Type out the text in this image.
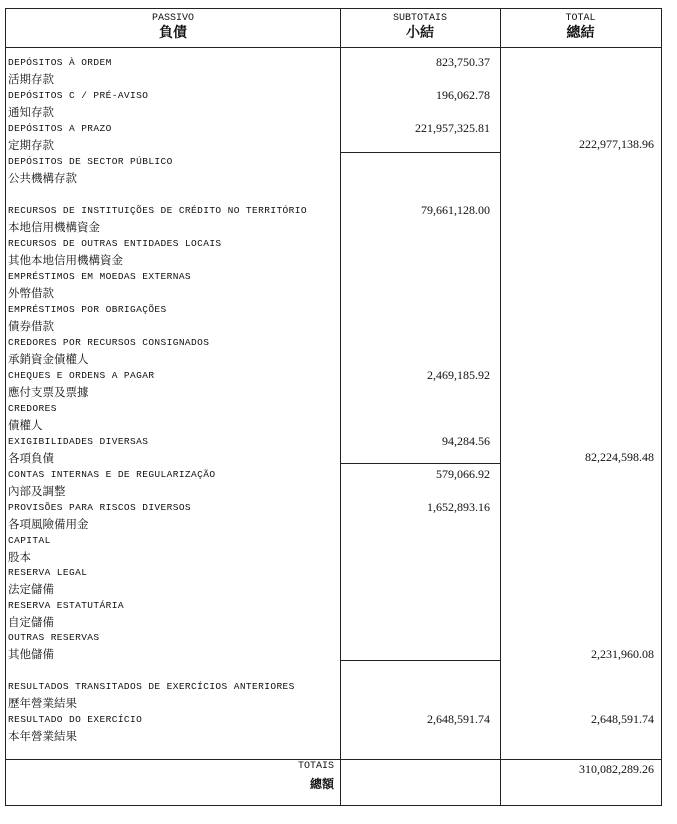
PASSIVO
負債
SUBTOTAIS
小結
TOTAL
總結
DEPÓSITOS À ORDEM
活期存款
823,750.37
DEPÓSITOS C / PRÉ-AVISO
通知存款
196,062.78
DEPÓSITOS A PRAZO
定期存款
221,957,325.81
222,977,138.96
DEPÓSITOS DE SECTOR PÚBLICO
公共機構存款
RECURSOS DE INSTITUIÇÕES DE CRÉDITO NO TERRITÓRIO
本地信用機構資金
79,661,128.00
RECURSOS DE OUTRAS ENTIDADES LOCAIS
其他本地信用機構資金
EMPRÉSTIMOS EM MOEDAS EXTERNAS
外幣借款
EMPRÉSTIMOS POR OBRIGAÇÕES
債券借款
CREDORES POR RECURSOS CONSIGNADOS
承銷資金債權人
CHEQUES E ORDENS A PAGAR
應付支票及票據
2,469,185.92
CREDORES
債權人
EXIGIBILIDADES DIVERSAS
各項負債
94,284.56
82,224,598.48
CONTAS INTERNAS E DE REGULARIZAÇÃO
內部及調整
579,066.92
PROVISÕES PARA RISCOS DIVERSOS
各項風險備用金
1,652,893.16
CAPITAL
股本
RESERVA LEGAL
法定儲備
RESERVA ESTATUTÁRIA
自定儲備
OUTRAS RESERVAS
其他儲備	2,231,960.08
RESULTADOS TRANSITADOS DE EXERCÍCIOS ANTERIORES
歷年營業結果
RESULTADO DO EXERCÍCIO
本年營業結果
2,648,591.74	2,648,591.74
TOTAIS
總額
310,082,289.26
